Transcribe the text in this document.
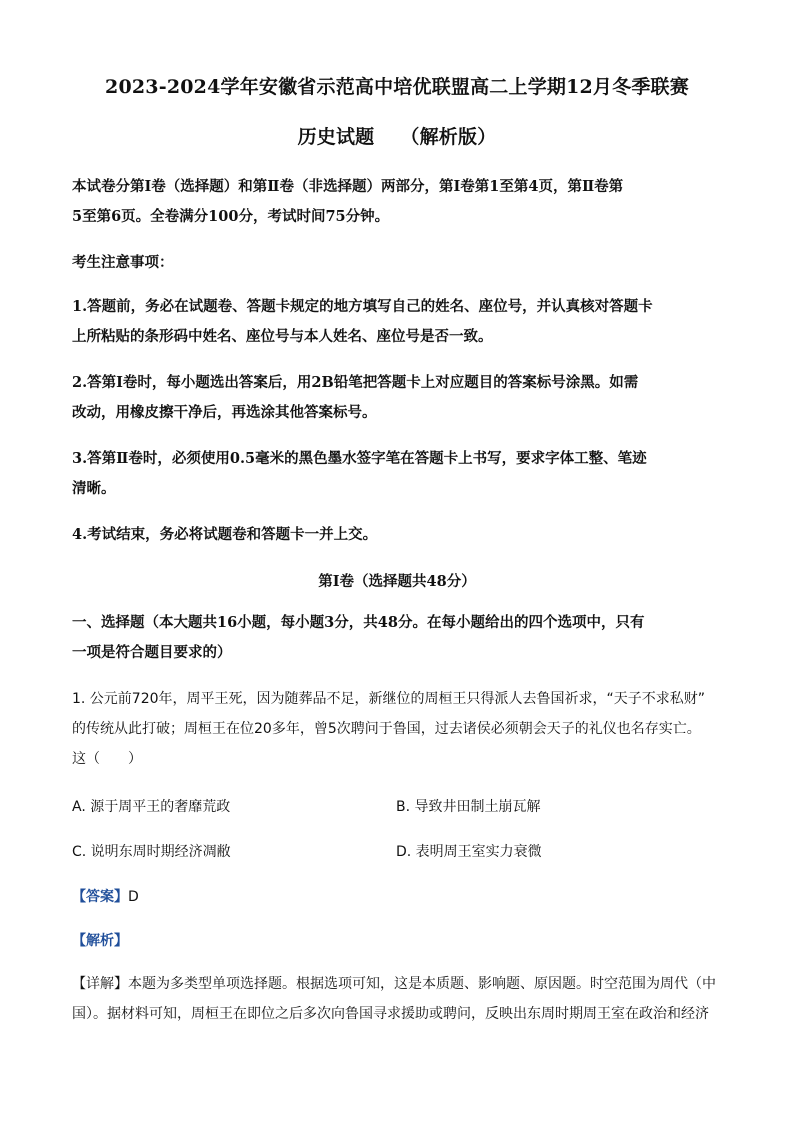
2023-2024学年安徽省示范高中培优联盟高二上学期12月冬季联赛
历史试题 （解析版）
本试卷分第Ⅰ卷（选择题）和第Ⅱ卷（非选择题）两部分，第Ⅰ卷第1至第4页，第Ⅱ卷第
5至第6页。全卷满分100分，考试时间75分钟。
考生注意事项：
1.答题前，务必在试题卷、答题卡规定的地方填写自己的姓名、座位号，并认真核对答题卡
上所粘贴的条形码中姓名、座位号与本人姓名、座位号是否一致。
2.答第Ⅰ卷时，每小题选出答案后，用2B铅笔把答题卡上对应题目的答案标号涂黑。如需
改动，用橡皮擦干净后，再选涂其他答案标号。
3.答第Ⅱ卷时，必须使用0.5毫米的黑色墨水签字笔在答题卡上书写，要求字体工整、笔迹
清晰。
4.考试结束，务必将试题卷和答题卡一并上交。
第Ⅰ卷（选择题共48分）
一、选择题（本大题共16小题，每小题3分，共48分。在每小题给出的四个选项中，只有
一项是符合题目要求的）
1. 公元前720年，周平王死，因为随葬品不足，新继位的周桓王只得派人去鲁国祈求，“天子不求私财”
的传统从此打破；周桓王在位20多年，曾5次聘问于鲁国，过去诸侯必须朝会天子的礼仪也名存实亡。
这（　　）
A. 源于周平王的奢靡荒政	B. 导致井田制土崩瓦解
C. 说明东周时期经济凋敝	D. 表明周王室实力衰微
【答案】D
【解析】
【详解】本题为多类型单项选择题。根据选项可知，这是本质题、影响题、原因题。时空范围为周代（中
国）。据材料可知，周桓王在即位之后多次向鲁国寻求援助或聘问，反映出东周时期周王室在政治和经济
